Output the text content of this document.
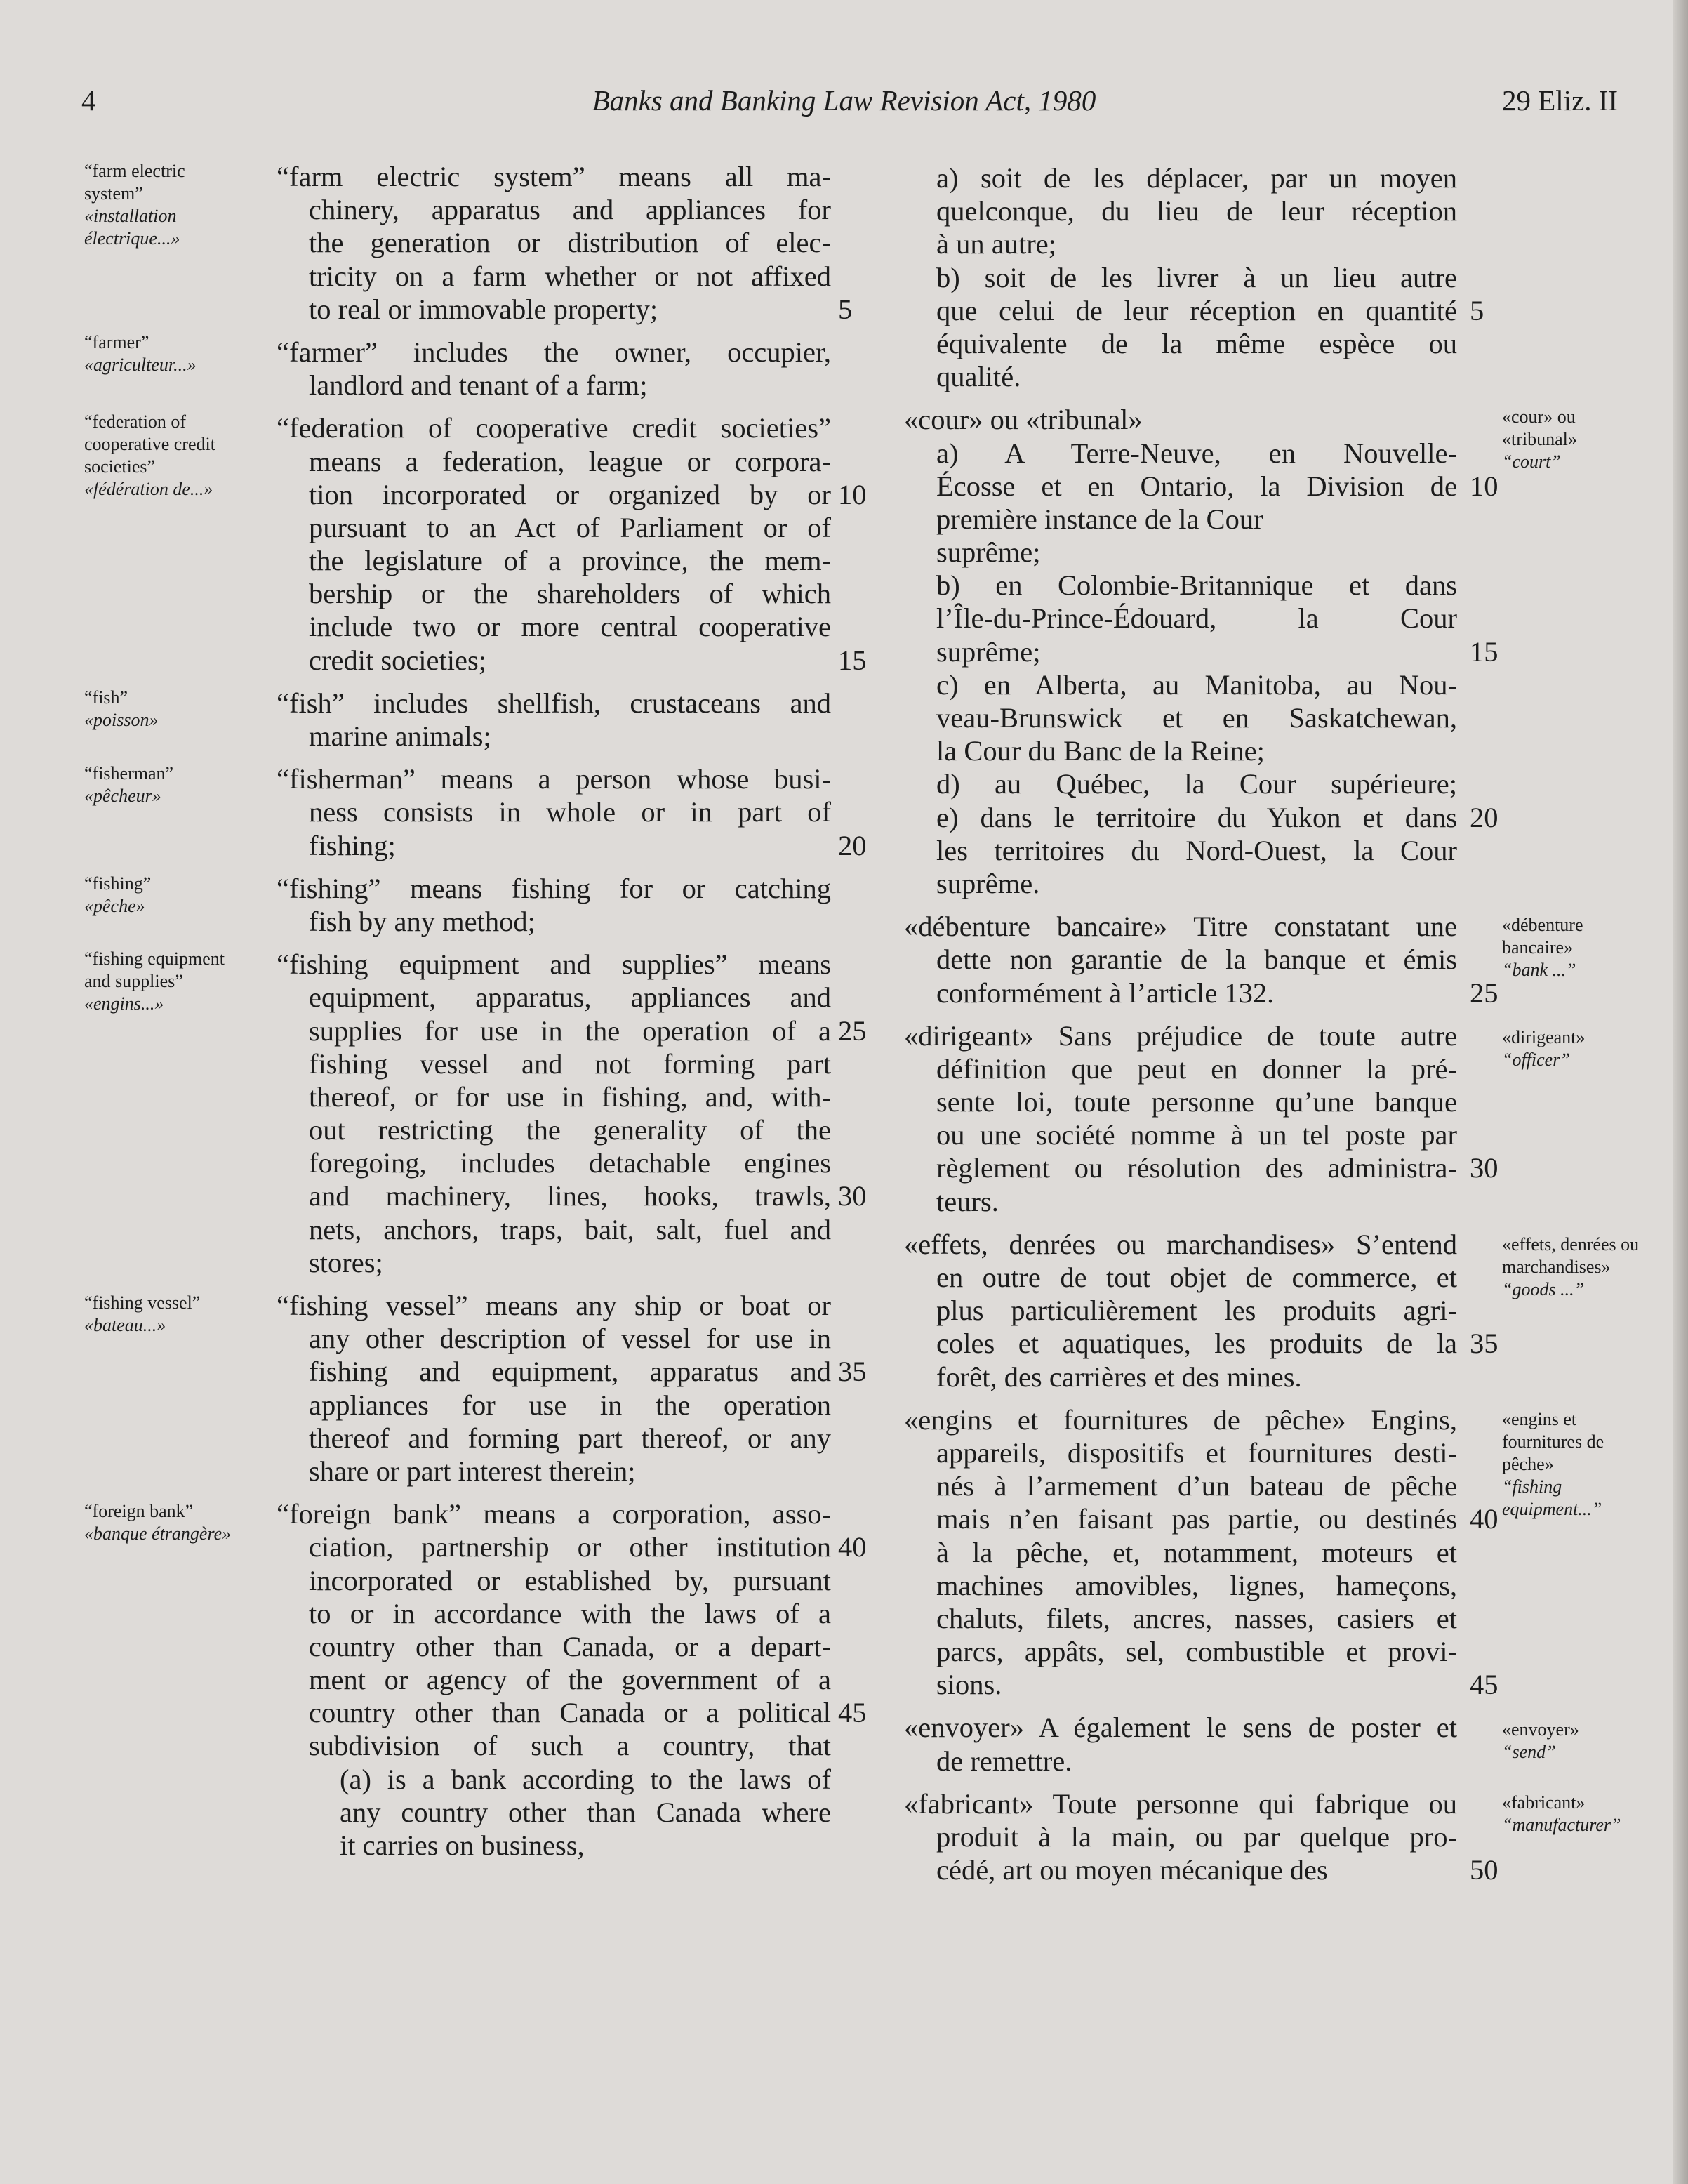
4	Banks and Banking Law Revision Act, 1980	29 Eliz. II
“farm electric system”
«installation électrique...»
“farmer”
«agriculteur...»
“federation of cooperative credit societies”
«fédération de...»
“fish”
«poisson»
“fisherman”
«pêcheur»
“fishing”
«pêche»
“fishing equipment and supplies”
«engins...»
“fishing vessel”
«bateau...»
“foreign bank”
«banque étrangère»
«cour» ou «tribunal»
“court”
«débenture bancaire»
“bank ...”
«dirigeant»
“officer”
«effets, denrées ou marchandises»
“goods ...”
«engins et fournitures de pêche»
“fishing equipment...”
«envoyer»
“send”
«fabricant»
“manufacturer”
“farm electric system” means all ma-
chinery, apparatus and appliances for
the generation or distribution of elec-
tricity on a farm whether or not affixed
to real or immovable property;	5
“farmer” includes the owner, occupier,
landlord and tenant of a farm;
“federation of cooperative credit societies”
means a federation, league or corpora-
tion incorporated or organized by or 10
pursuant to an Act of Parliament or of
the legislature of a province, the mem-
bership or the shareholders of which
include two or more central cooperative
credit societies;	15
“fish” includes shellfish, crustaceans and
marine animals;
“fisherman” means a person whose busi-
ness consists in whole or in part of
fishing;	20
“fishing” means fishing for or catching
fish by any method;
“fishing equipment and supplies” means
equipment, apparatus, appliances and
supplies for use in the operation of a 25
fishing vessel and not forming part
thereof, or for use in fishing, and, with-
out restricting the generality of the
foregoing, includes detachable engines
and machinery, lines, hooks, trawls, 30
nets, anchors, traps, bait, salt, fuel and
stores;
“fishing vessel” means any ship or boat or
any other description of vessel for use in
fishing and equipment, apparatus and 35
appliances for use in the operation
thereof and forming part thereof, or any
share or part interest therein;
“foreign bank” means a corporation, asso-
ciation, partnership or other institution 40
incorporated or established by, pursuant
to or in accordance with the laws of a
country other than Canada, or a depart-
ment or agency of the government of a
country other than Canada or a political 45
subdivision of such a country, that
(a) is a bank according to the laws of
any country other than Canada where
it carries on business,
a) soit de les déplacer, par un moyen
quelconque, du lieu de leur réception
à un autre;
b) soit de les livrer à un lieu autre
que celui de leur réception en quantité 5
équivalente de la même espèce ou
qualité.
«cour» ou «tribunal»
a) A Terre-Neuve, en Nouvelle-
Écosse et en Ontario, la Division de 10
première instance de la Cour
suprême;
b) en Colombie-Britannique et dans
l’Île-du-Prince-Édouard, la Cour
suprême;	15
c) en Alberta, au Manitoba, au Nou-
veau-Brunswick et en Saskatchewan,
la Cour du Banc de la Reine;
d) au Québec, la Cour supérieure;
e) dans le territoire du Yukon et dans 20
les territoires du Nord-Ouest, la Cour
suprême.
«débenture bancaire» Titre constatant une
dette non garantie de la banque et émis
conformément à l’article 132.	25
«dirigeant» Sans préjudice de toute autre
définition que peut en donner la pré-
sente loi, toute personne qu’une banque
ou une société nomme à un tel poste par
règlement ou résolution des administra- 30
teurs.
«effets, denrées ou marchandises» S’entend
en outre de tout objet de commerce, et
plus particulièrement les produits agri-
coles et aquatiques, les produits de la 35
forêt, des carrières et des mines.
«engins et fournitures de pêche» Engins,
appareils, dispositifs et fournitures desti-
nés à l’armement d’un bateau de pêche
mais n’en faisant pas partie, ou destinés 40
à la pêche, et, notamment, moteurs et
machines amovibles, lignes, hameçons,
chaluts, filets, ancres, nasses, casiers et
parcs, appâts, sel, combustible et provi-
sions.	45
«envoyer» A également le sens de poster et
de remettre.
«fabricant» Toute personne qui fabrique ou
produit à la main, ou par quelque pro-
cédé, art ou moyen mécanique des	50
